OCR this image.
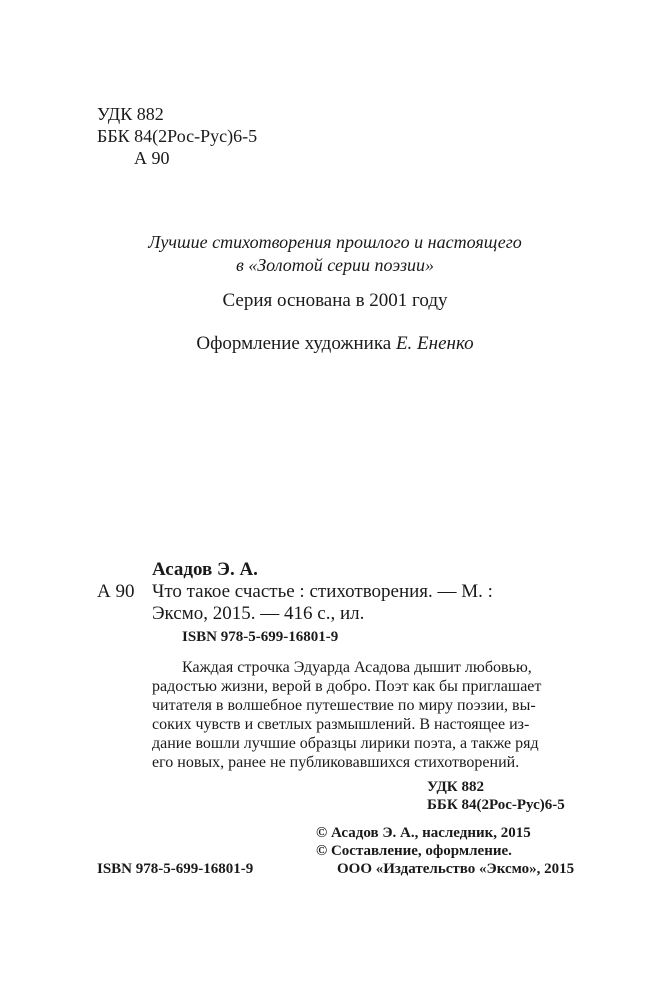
УДК 882
ББК 84(2Рос-Рус)6-5
А 90
Лучшие стихотворения прошлого и настоящего
в «Золотой серии поэзии»
Серия основана в 2001 году
Оформление художника Е. Ененко
Асадов Э. А.
А 90 Что такое счастье : стихотворения. — М. :
Эксмо, 2015. — 416 с., ил.
ISBN 978-5-699-16801-9
Каждая строчка Эдуарда Асадова дышит любовью,
радостью жизни, верой в добро. Поэт как бы приглашает
читателя в волшебное путешествие по миру поэзии, вы-
соких чувств и светлых размышлений. В настоящее из-
дание вошли лучшие образцы лирики поэта, а также ряд
его новых, ранее не публиковавшихся стихотворений.
УДК 882
ББК 84(2Рос-Рус)6-5
© Асадов Э. А., наследник, 2015
© Составление, оформление.
ISBN 978-5-699-16801-9	ООО «Издательство «Эксмо», 2015
